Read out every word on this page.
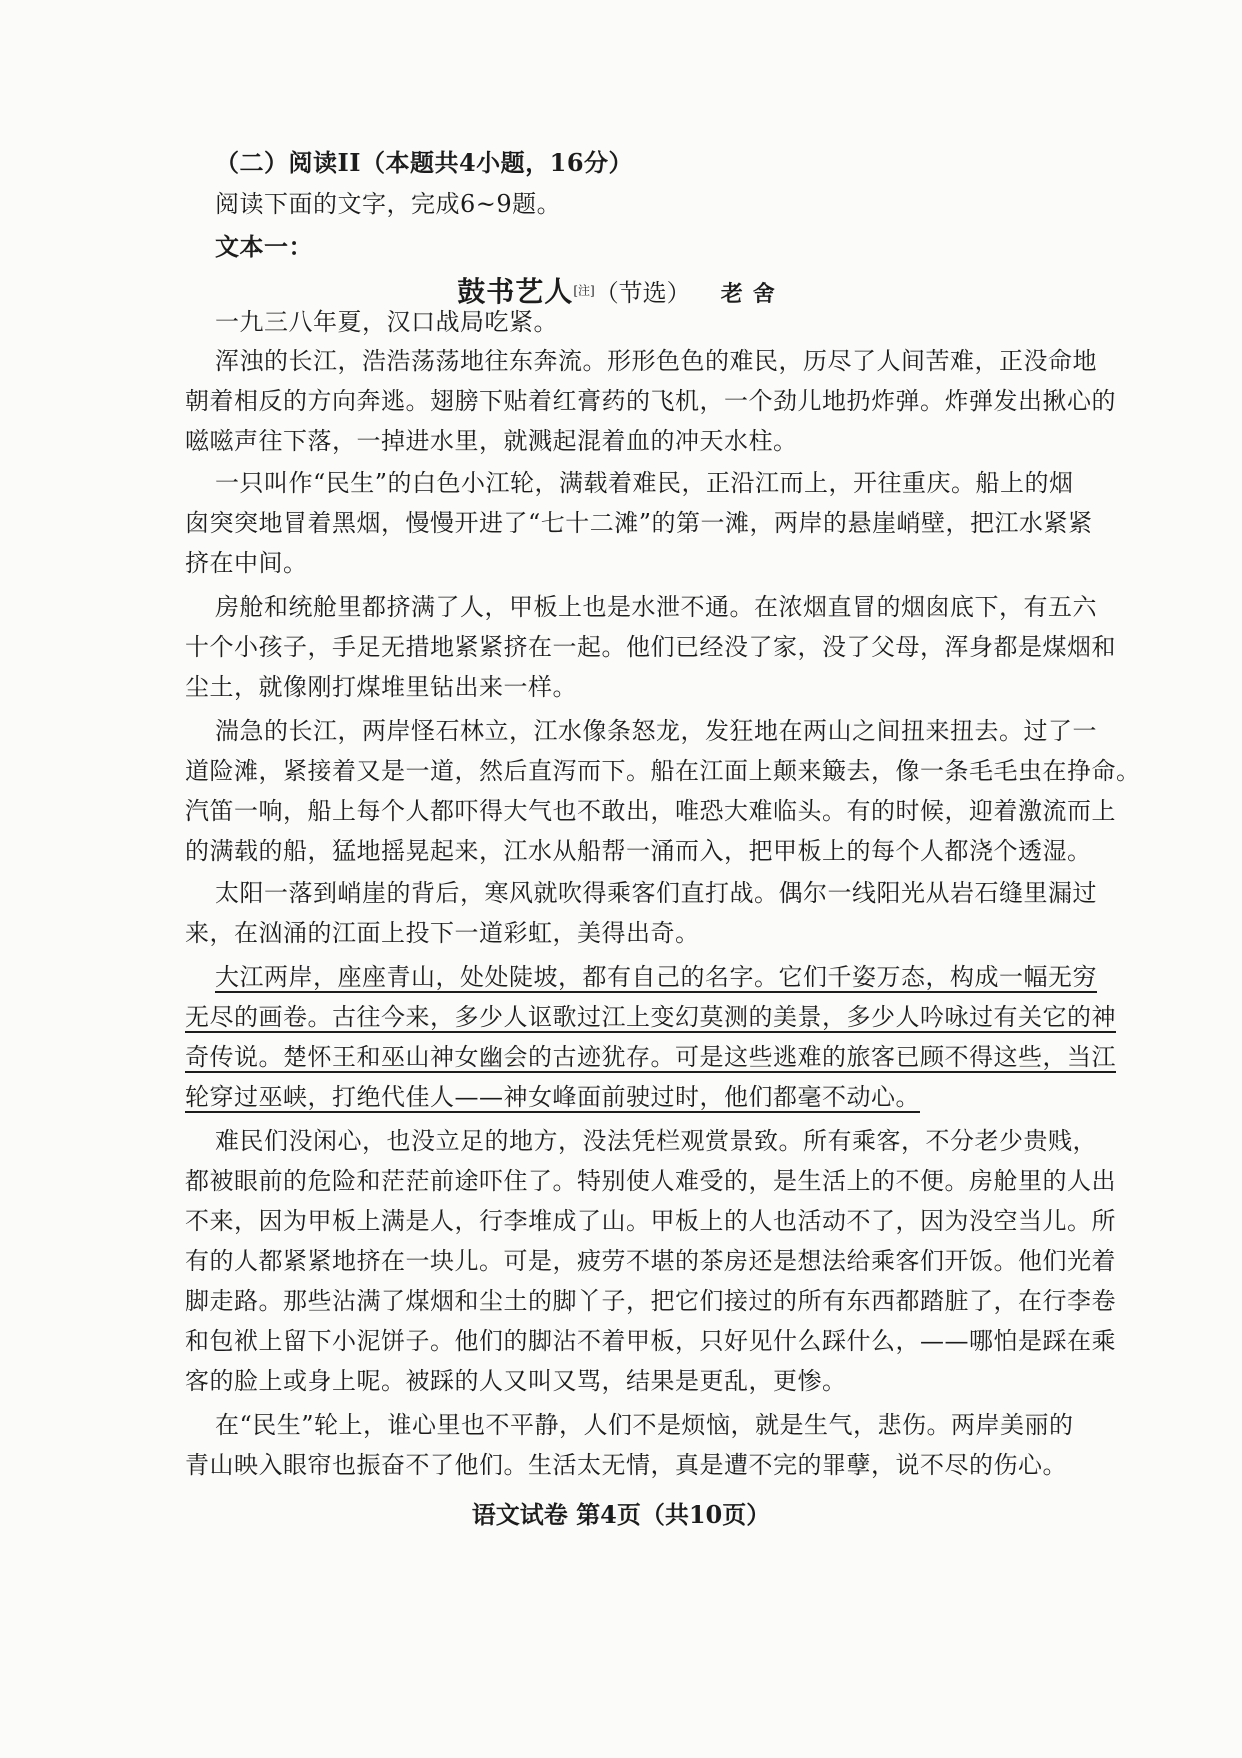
（二）阅读II（本题共4小题，16分）
阅读下面的文字，完成6~9题。
文本一：
鼓书艺人[注]（节选） 老舍
一九三八年夏，汉口战局吃紧。
浑浊的长江，浩浩荡荡地往东奔流。形形色色的难民，历尽了人间苦难，正没命地
朝着相反的方向奔逃。翅膀下贴着红膏药的飞机，一个劲儿地扔炸弹。炸弹发出揪心的
嗞嗞声往下落，一掉进水里，就溅起混着血的冲天水柱。
一只叫作“民生”的白色小江轮，满载着难民，正沿江而上，开往重庆。船上的烟
囱突突地冒着黑烟，慢慢开进了“七十二滩”的第一滩，两岸的悬崖峭壁，把江水紧紧
挤在中间。
房舱和统舱里都挤满了人，甲板上也是水泄不通。在浓烟直冒的烟囱底下，有五六
十个小孩子，手足无措地紧紧挤在一起。他们已经没了家，没了父母，浑身都是煤烟和
尘土，就像刚打煤堆里钻出来一样。
湍急的长江，两岸怪石林立，江水像条怒龙，发狂地在两山之间扭来扭去。过了一
道险滩，紧接着又是一道，然后直泻而下。船在江面上颠来簸去，像一条毛毛虫在挣命。
汽笛一响，船上每个人都吓得大气也不敢出，唯恐大难临头。有的时候，迎着激流而上
的满载的船，猛地摇晃起来，江水从船帮一涌而入，把甲板上的每个人都浇个透湿。
太阳一落到峭崖的背后，寒风就吹得乘客们直打战。偶尔一线阳光从岩石缝里漏过
来，在汹涌的江面上投下一道彩虹，美得出奇。
大江两岸，座座青山，处处陡坡，都有自己的名字。它们千姿万态，构成一幅无穷
无尽的画卷。古往今来，多少人讴歌过江上变幻莫测的美景，多少人吟咏过有关它的神
奇传说。楚怀王和巫山神女幽会的古迹犹存。可是这些逃难的旅客已顾不得这些，当江
轮穿过巫峡，打绝代佳人——神女峰面前驶过时，他们都毫不动心。
难民们没闲心，也没立足的地方，没法凭栏观赏景致。所有乘客，不分老少贵贱，
都被眼前的危险和茫茫前途吓住了。特别使人难受的，是生活上的不便。房舱里的人出
不来，因为甲板上满是人，行李堆成了山。甲板上的人也活动不了，因为没空当儿。所
有的人都紧紧地挤在一块儿。可是，疲劳不堪的茶房还是想法给乘客们开饭。他们光着
脚走路。那些沾满了煤烟和尘土的脚丫子，把它们接过的所有东西都踏脏了，在行李卷
和包袱上留下小泥饼子。他们的脚沾不着甲板，只好见什么踩什么，——哪怕是踩在乘
客的脸上或身上呢。被踩的人又叫又骂，结果是更乱，更惨。
在“民生”轮上，谁心里也不平静，人们不是烦恼，就是生气，悲伤。两岸美丽的
青山映入眼帘也振奋不了他们。生活太无情，真是遭不完的罪孽，说不尽的伤心。
语文试卷 第4页（共10页）
